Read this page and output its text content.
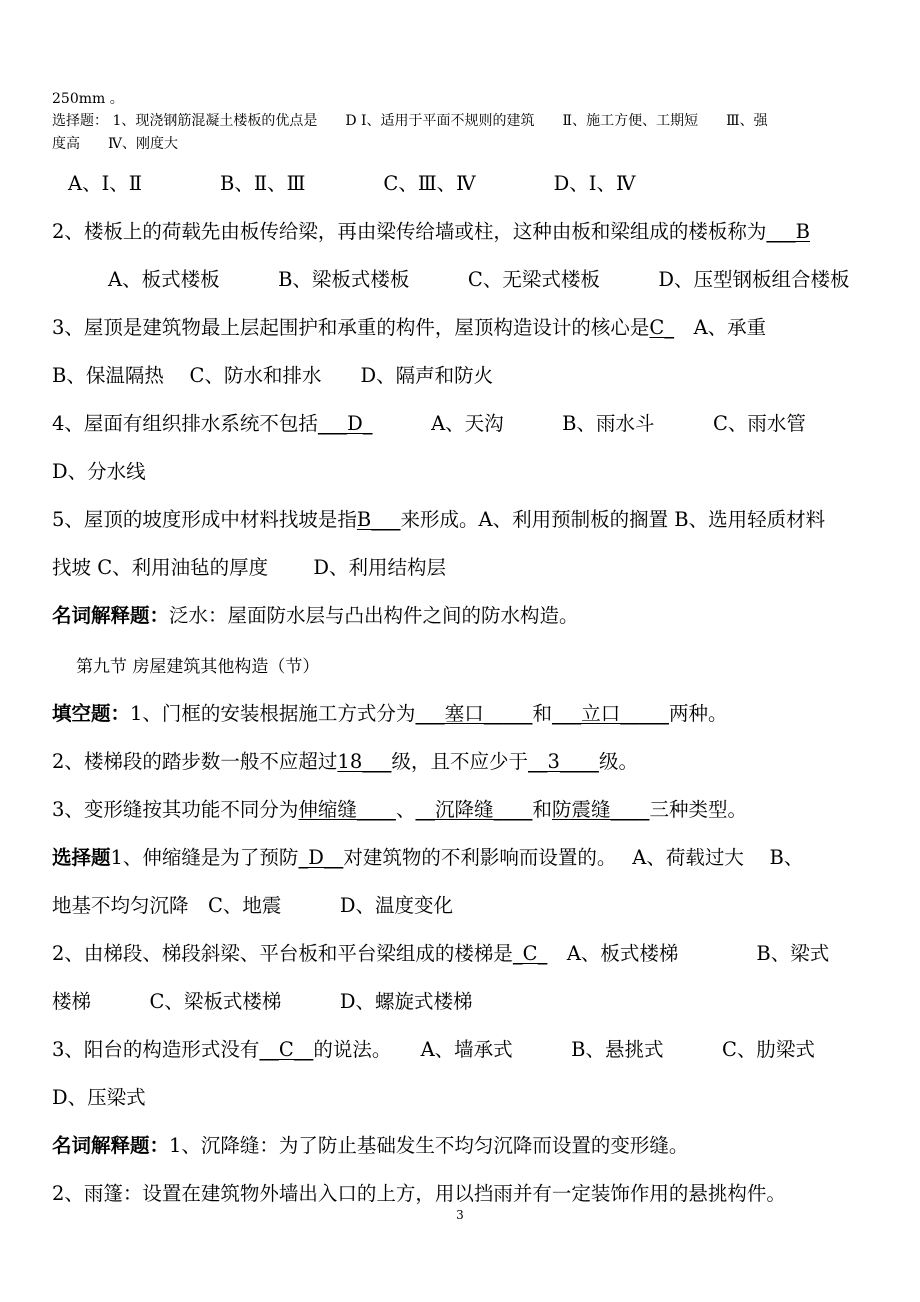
250mm 。

选择题： 1、现浇钢筋混凝土楼板的优点是　　D Ⅰ、适用于平面不规则的建筑　　Ⅱ、施工方便、工期短　　Ⅲ、强

度高　　Ⅳ、刚度大

A、Ⅰ、Ⅱ　　　　B、Ⅱ、Ⅲ　　　　C、Ⅲ、Ⅳ　　　　D、Ⅰ、Ⅳ

2、楼板上的荷载先由板传给梁，再由梁传给墙或柱，这种由板和梁组成的楼板称为___B

A、板式楼板　　　B、梁板式楼板　　　C、无梁式楼板　　　D、压型钢板组合楼板

3、屋顶是建筑物最上层起围护和承重的构件，屋顶构造设计的核心是C_　A、承重

B、保温隔热　 C、防水和排水　　D、隔声和防火

4、屋面有组织排水系统不包括___D_　　　A、天沟　　　B、雨水斗　　　C、雨水管

D、分水线

5、屋顶的坡度形成中材料找坡是指B___来形成。A、利用预制板的搁置 B、选用轻质材料

找坡 C、利用油毡的厚度　　 D、利用结构层

名词解释题：泛水：屋面防水层与凸出构件之间的防水构造。

第九节 房屋建筑其他构造（节）

填空题：1、门框的安装根据施工方式分为___塞口_____和___立口_____两种。

2、楼梯段的踏步数一般不应超过18___级，且不应少于__3____级。

3、变形缝按其功能不同分为伸缩缝____、__沉降缝____和防震缝____三种类型。

选择题1、伸缩缝是为了预防_D__对建筑物的不利影响而设置的。　 A、荷载过大　 B、

地基不均匀沉降　C、地震　　　D、温度变化

2、由梯段、梯段斜梁、平台板和平台梁组成的楼梯是_C_　A、板式楼梯　　　　B、梁式

楼梯　　　C、梁板式楼梯　　　D、螺旋式楼梯

3、阳台的构造形式没有__C__的说法。　　A、墙承式　　　B、悬挑式　　　C、肋梁式

D、压梁式

名词解释题：1、沉降缝：为了防止基础发生不均匀沉降而设置的变形缝。

2、雨篷：设置在建筑物外墙出入口的上方，用以挡雨并有一定装饰作用的悬挑构件。

3
